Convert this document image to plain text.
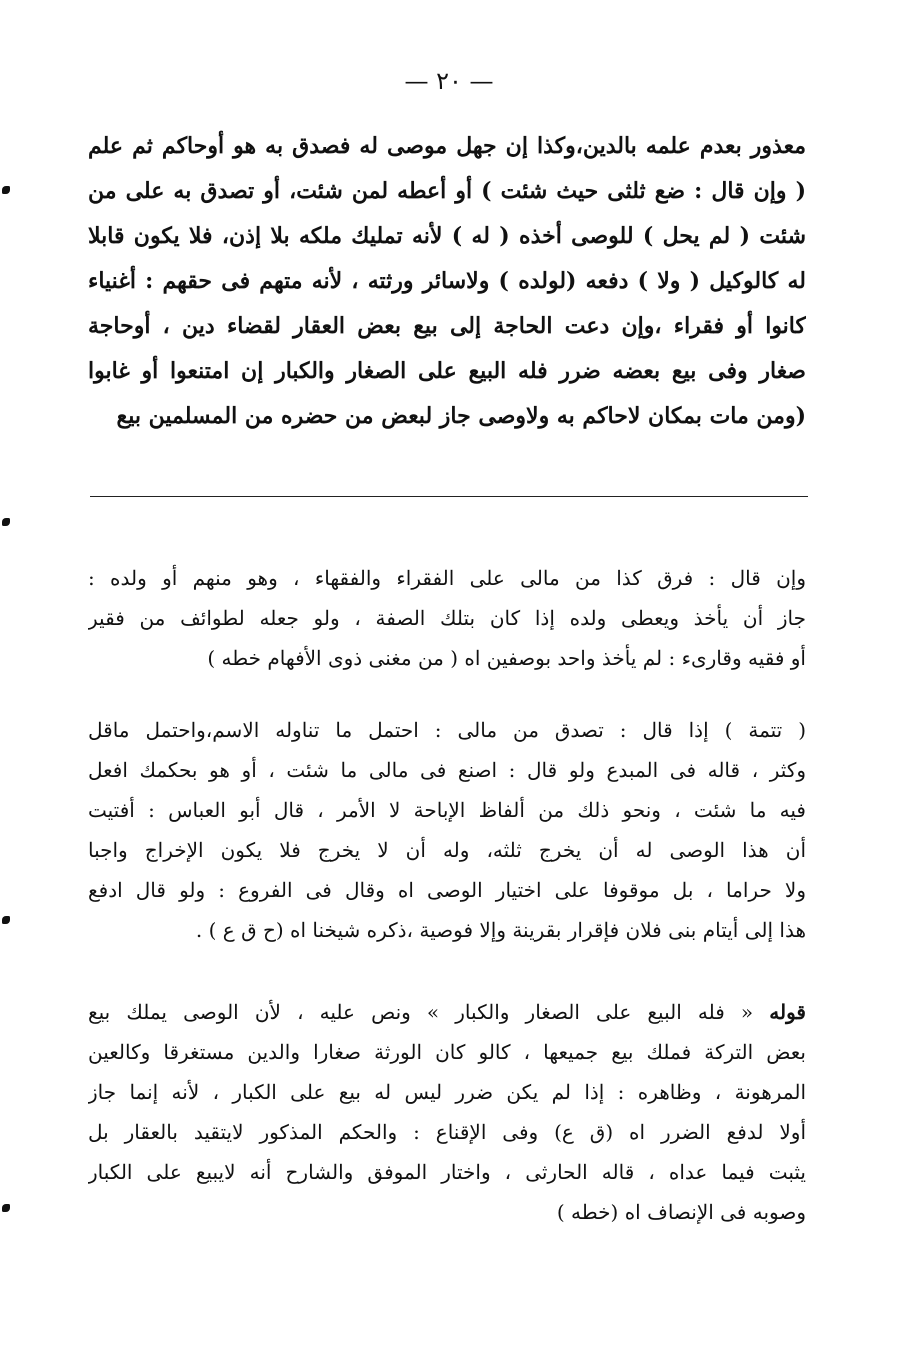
— ٢٠ —
معذور بعدم علمه بالدين،وكذا إن جهل موصى له فصدق به هو أوحاكم ثم علم
( وإن قال : ضع ثلثى حيث شئت ) أو أعطه لمن شئت، أو تصدق به على من
شئت ( لم يحل ) للوصى أخذه ( له ) لأنه تمليك ملكه بلا إذن، فلا يكون قابلا
له كالوكيل ( ولا ) دفعه (لولده ) ولاسائر ورثته ، لأنه متهم فى حقهم : أغنياء
كانوا أو فقراء ،وإن دعت الحاجة إلى بيع بعض العقار لقضاء دين ، أوحاجة
صغار وفى بيع بعضه ضرر فله البيع على الصغار والكبار إن امتنعوا أو غابوا
(ومن مات بمكان لاحاكم به ولاوصى جاز لبعض من حضره من المسلمين بيع
وإن قال : فرق كذا من مالى على الفقراء والفقهاء ، وهو منهم أو ولده :
جاز أن يأخذ ويعطى ولده إذا كان بتلك الصفة ، ولو جعله لطوائف من فقير
أو فقيه وقارىء : لم يأخذ واحد بوصفين اه ( من مغنى ذوى الأفهام خطه )
( تتمة ) إذا قال : تصدق من مالى : احتمل ما تناوله الاسم،واحتمل ماقل
وكثر ، قاله فى المبدع ولو قال : اصنع فى مالى ما شئت ، أو هو بحكمك افعل
فيه ما شئت ، ونحو ذلك من ألفاظ الإباحة لا الأمر ، قال أبو العباس : أفتيت
أن هذا الوصى له أن يخرج ثلثه، وله أن لا يخرج فلا يكون الإخراج واجبا
ولا حراما ، بل موقوفا على اختيار الوصى اه وقال فى الفروع : ولو قال ادفع
هذا إلى أيتام بنى فلان فإقرار بقرينة وإلا فوصية ،ذكره شيخنا اه (ح ق ع ) .
قوله « فله البيع على الصغار والكبار » ونص عليه ، لأن الوصى يملك بيع
بعض التركة فملك بيع جميعها ، كالو كان الورثة صغارا والدين مستغرقا وكالعين
المرهونة ، وظاهره : إذا لم يكن ضرر ليس له بيع على الكبار ، لأنه إنما جاز
أولا لدفع الضرر اه (ق ع) وفى الإقناع : والحكم المذكور لايتقيد بالعقار بل
يثبت فيما عداه ، قاله الحارثى ، واختار الموفق والشارح أنه لايبيع على الكبار
وصوبه فى الإنصاف اه (خطه )
